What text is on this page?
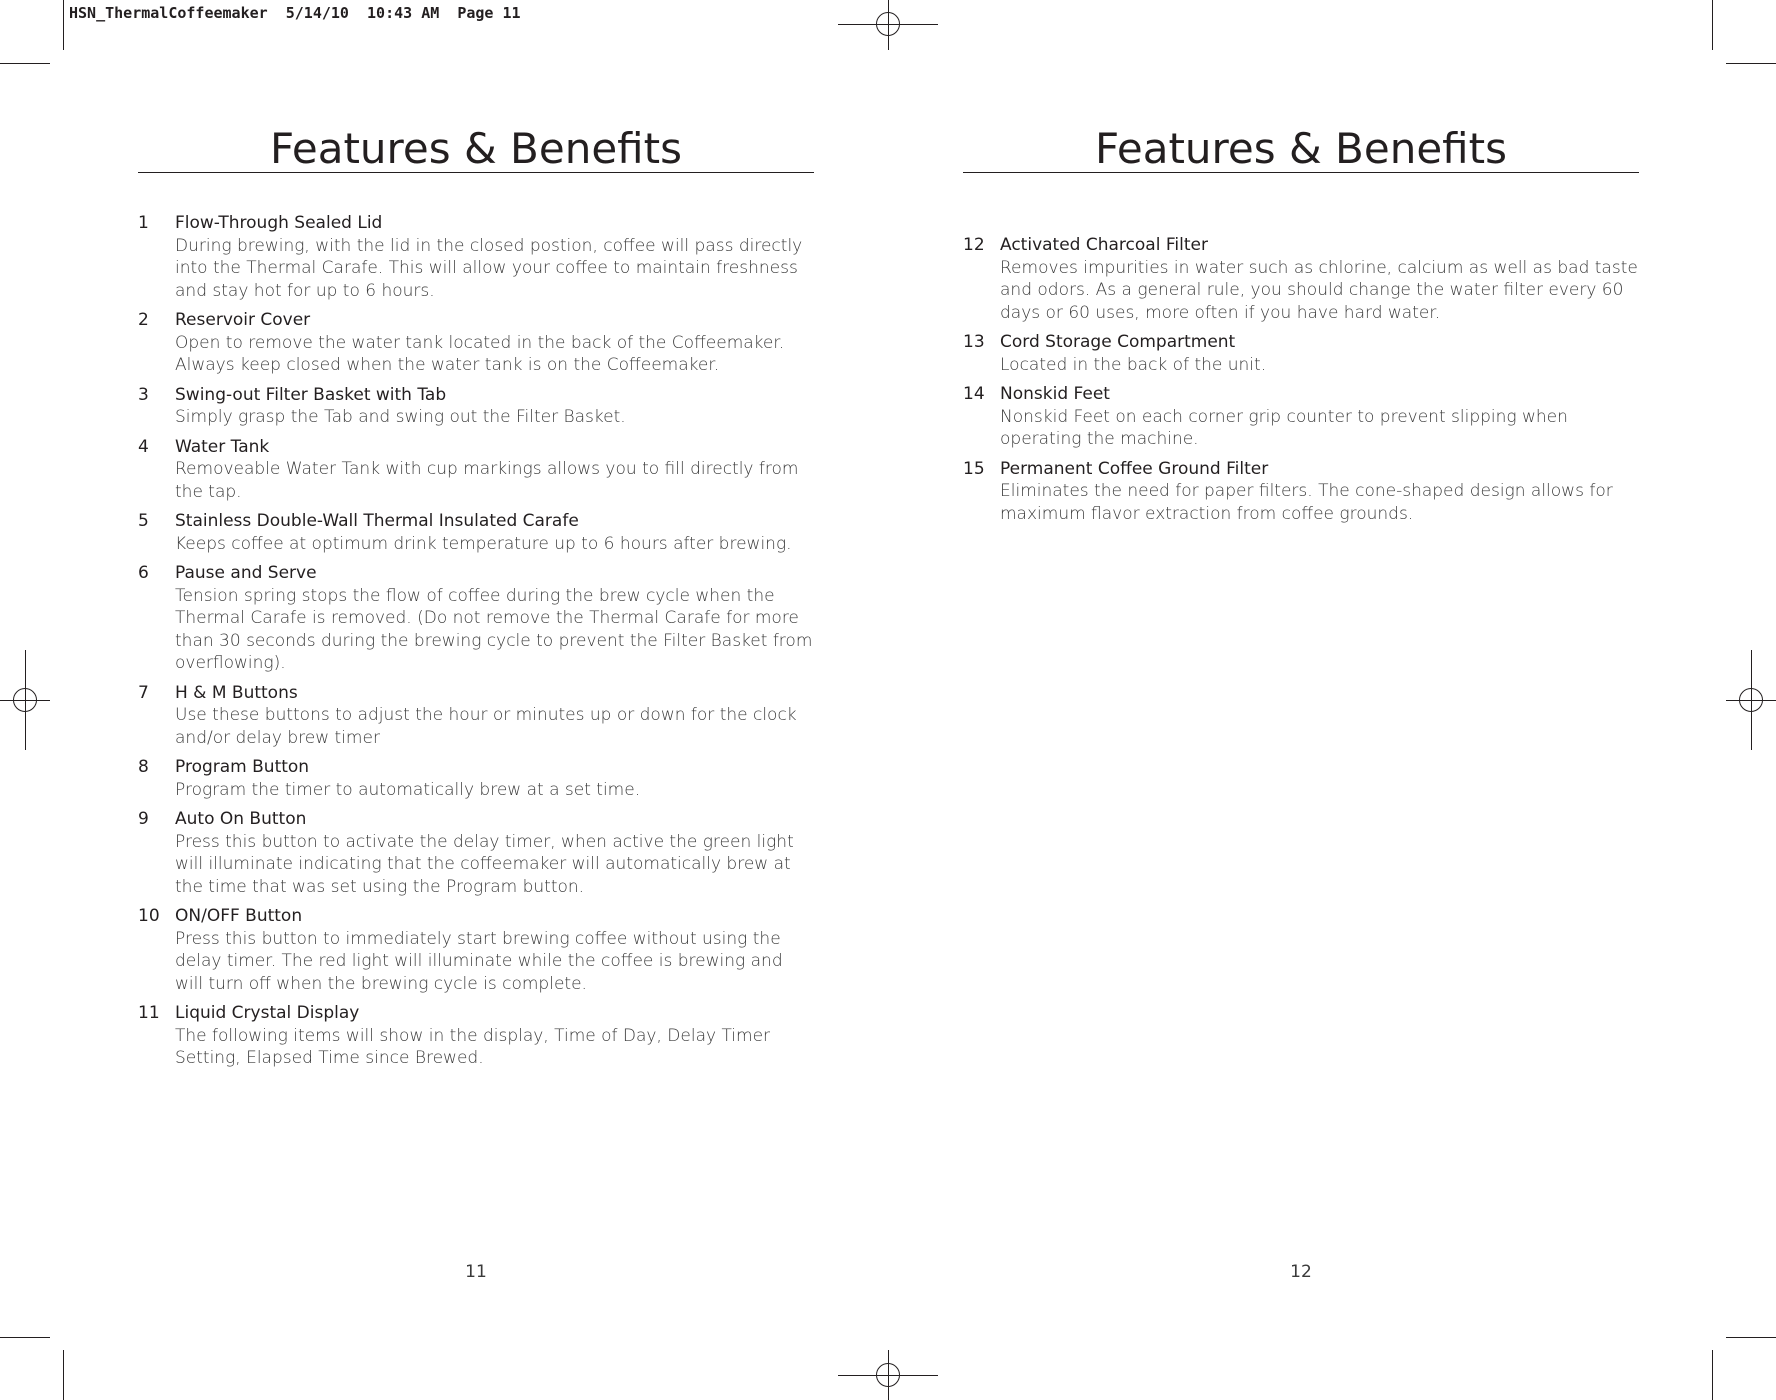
HSN_ThermalCoffeemaker  5/14/10  10:43 AM  Page 11
Features & Benefits
1 Flow-Through Sealed Lid
During brewing, with the lid in the closed postion, coffee will pass directly into the Thermal Carafe. This will allow your coffee to maintain freshness and stay hot for up to 6 hours.
2 Reservoir Cover
Open to remove the water tank located in the back of the Coffeemaker. Always keep closed when the water tank is on the Coffeemaker.
3 Swing-out Filter Basket with Tab
Simply grasp the Tab and swing out the Filter Basket.
4 Water Tank
Removeable Water Tank with cup markings allows you to fill directly from the tap.
5 Stainless Double-Wall Thermal Insulated Carafe
Keeps coffee at optimum drink temperature up to 6 hours after brewing.
6 Pause and Serve
Tension spring stops the flow of coffee during the brew cycle when the Thermal Carafe is removed. (Do not remove the Thermal Carafe for more than 30 seconds during the brewing cycle to prevent the Filter Basket from overflowing).
7 H & M Buttons
Use these buttons to adjust the hour or minutes up or down for the clock and/or delay brew timer
8 Program Button
Program the timer to automatically brew at a set time.
9 Auto On Button
Press this button to activate the delay timer, when active the green light will illuminate indicating that the coffeemaker will automatically brew at the time that was set using the Program button.
10 ON/OFF Button
Press this button to immediately start brewing coffee without using the delay timer. The red light will illuminate while the coffee is brewing and will turn off when the brewing cycle is complete.
11 Liquid Crystal Display
The following items will show in the display, Time of Day, Delay Timer Setting, Elapsed Time since Brewed.
11
Features & Benefits
12 Activated Charcoal Filter
Removes impurities in water such as chlorine, calcium as well as bad taste and odors. As a general rule, you should change the water filter every 60 days or 60 uses, more often if you have hard water.
13 Cord Storage Compartment
Located in the back of the unit.
14 Nonskid Feet
Nonskid Feet on each corner grip counter to prevent slipping when operating the machine.
15 Permanent Coffee Ground Filter
Eliminates the need for paper filters. The cone-shaped design allows for maximum flavor extraction from coffee grounds.
12
